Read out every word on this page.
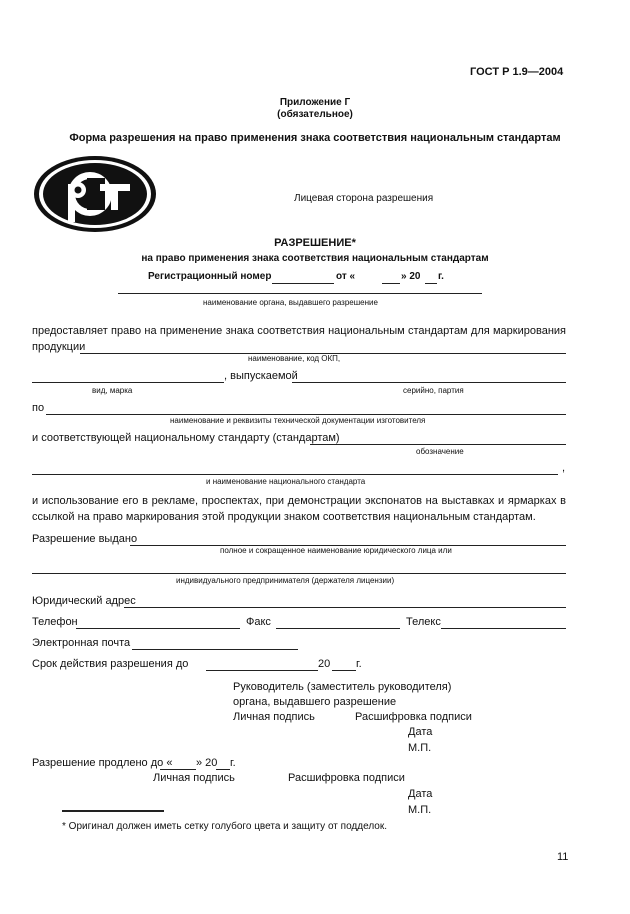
ГОСТ Р 1.9—2004
Приложение Г
(обязательное)
Форма разрешения на право применения знака соответствия национальным стандартам
Лицевая сторона разрешения
РАЗРЕШЕНИЕ*
на право применения знака соответствия национальным стандартам
Регистрационный номер	от «	» 20 г.
наименование органа, выдавшего разрешение
предоставляет право на применение знака соответствия национальным стандартам для маркирования
продукции
наименование, код ОКП,
, выпускаемой
вид, марка	серийно, партия
по
наименование и реквизиты технической документации изготовителя
и соответствующей национальному стандарту (стандартам)
обозначение
,
и наименование национального стандарта
и использование его в рекламе, проспектах, при демонстрации экспонатов на выставках и ярмарках в
ссылкой на право маркирования этой продукции знаком соответствия национальным стандартам.
Разрешение выдано
полное и сокращенное наименование юридического лица или
индивидуального предпринимателя (держателя лицензии)
Юридический адрес
Телефон	Факс	Телекс
Электронная почта
Срок действия разрешения до	20 г.
Руководитель (заместитель руководителя)
органа, выдавшего разрешение
Личная подпись	Расшифровка подписи
Дата
М.П.
Разрешение продлено до « » 20 г.
Личная подпись	Расшифровка подписи
Дата
М.П.
* Оригинал должен иметь сетку голубого цвета и защиту от подделок.
11
